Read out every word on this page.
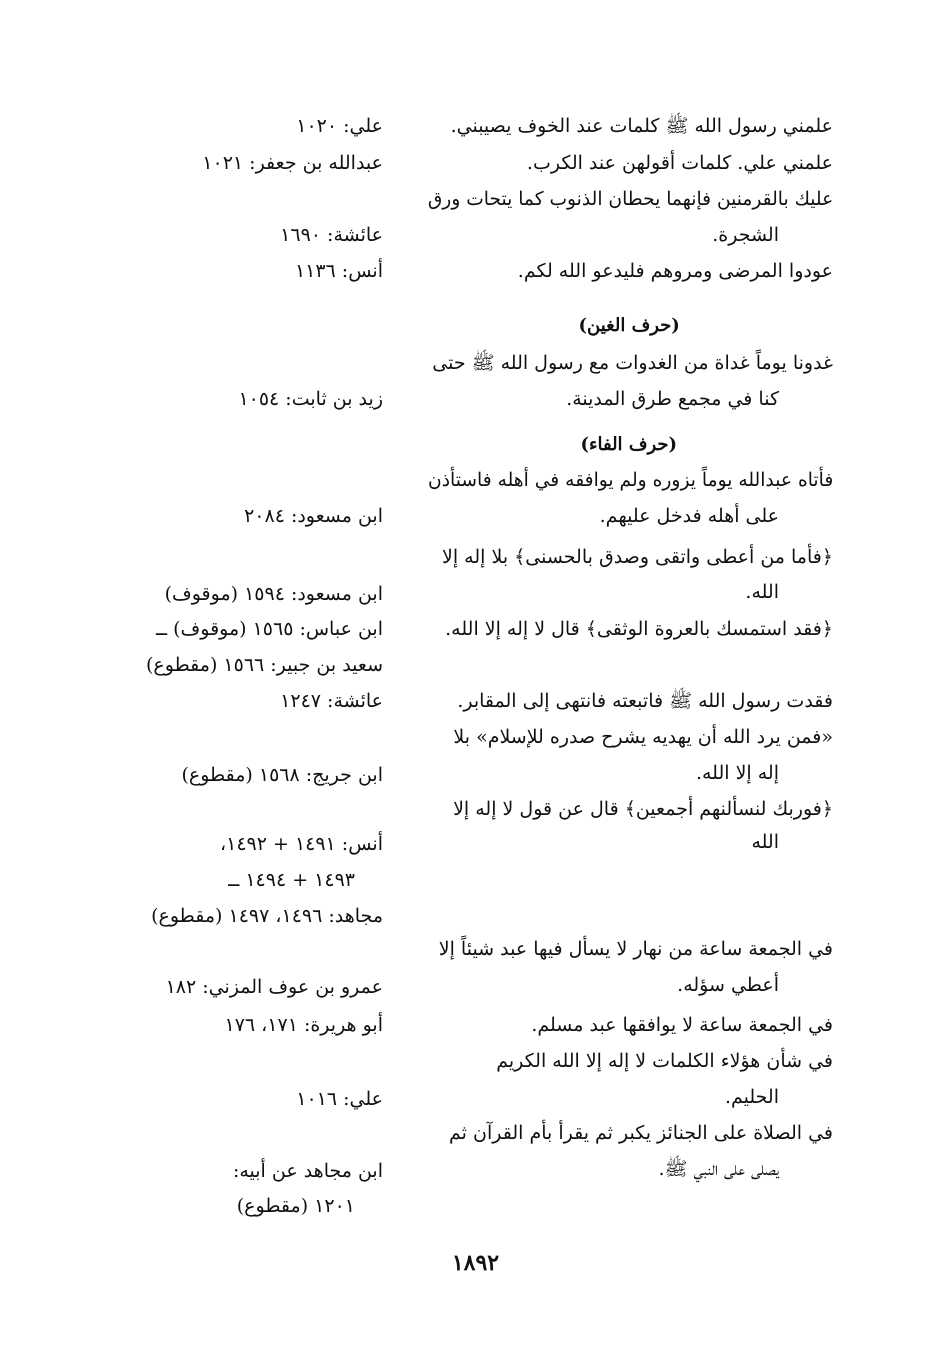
علمني رسول الله ﷺ كلمات عند الخوف يصيبني.
علي: ١٠٢٠
علمني علي. كلمات أقولهن عند الكرب.
عبدالله بن جعفر: ١٠٢١
عليك بالقرمنين فإنهما يحطان الذنوب كما يتحات ورق
الشجرة.
عائشة: ١٦٩٠
عودوا المرضى ومروهم فليدعو الله لكم.
أنس: ١١٣٦
(حرف الغين)
غدونا يوماً غداة من الغدوات مع رسول الله ﷺ حتى
كنا في مجمع طرق المدينة.
زيد بن ثابت: ١٠٥٤
(حرف الفاء)
فأتاه عبدالله يوماً يزوره ولم يوافقه في أهله فاستأذن
على أهله فدخل عليهم.
ابن مسعود: ٢٠٨٤
﴿فأما من أعطى واتقى وصدق بالحسنى﴾ بلا إله إلا
الله.
ابن مسعود: ١٥٩٤ (موقوف)
﴿فقد استمسك بالعروة الوثقى﴾ قال لا إله إلا الله.
ابن عباس: ١٥٦٥ (موقوف) ــ
سعيد بن جبير: ١٥٦٦ (مقطوع)
فقدت رسول الله ﷺ فاتبعته فانتهى إلى المقابر.
عائشة: ١٢٤٧
«فمن يرد الله أن يهديه يشرح صدره للإسلام» بلا
إله إلا الله.
ابن جريج: ١٥٦٨ (مقطوع)
﴿فوربك لنسألنهم أجمعين﴾ قال عن قول لا إله إلا
الله
أنس: ١٤٩١ + ١٤٩٢،
١٤٩٣ + ١٤٩٤ ــ
مجاهد: ١٤٩٦، ١٤٩٧ (مقطوع)
في الجمعة ساعة من نهار لا يسأل فيها عبد شيئاً إلا
أعطي سؤله.
عمرو بن عوف المزني: ١٨٢
في الجمعة ساعة لا يوافقها عبد مسلم.
أبو هريرة: ١٧١، ١٧٦
في شأن هؤلاء الكلمات لا إله إلا الله الكريم
الحليم.
علي: ١٠١٦
في الصلاة على الجنائز يكبر ثم يقرأ بأم القرآن ثم
يصلى على النبي ﷺ.
ابن مجاهد عن أبيه:
١٢٠١ (مقطوع)
١٨٩٢
